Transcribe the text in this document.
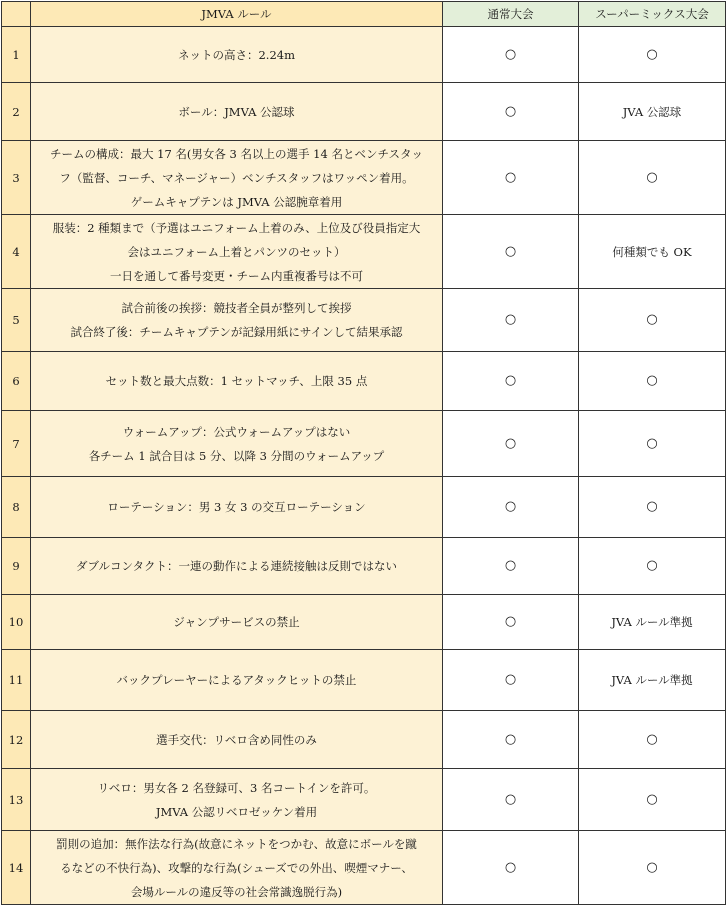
	JMVA ルール	通常大会	スーパーミックス大会
1	ネットの高さ：2.24m	○	○
2	ボール：JMVA 公認球	○	JVA 公認球
3	チームの構成：最大 17 名(男女各 3 名以上の選手 14 名とベンチスタッ
フ（監督、コーチ、マネージャー）ベンチスタッフはワッペン着用。
ゲームキャプテンは JMVA 公認腕章着用	○	○
4	服装：2 種類まで（予選はユニフォーム上着のみ、上位及び役員指定大
会はユニフォーム上着とパンツのセット）
一日を通して番号変更・チーム内重複番号は不可	○	何種類でも OK
5	試合前後の挨拶：競技者全員が整列して挨拶
試合終了後：チームキャプテンが記録用紙にサインして結果承認	○	○
6	セット数と最大点数：1 セットマッチ、上限 35 点	○	○
7	ウォームアップ：公式ウォームアップはない
各チーム 1 試合目は 5 分、以降 3 分間のウォームアップ	○	○
8	ローテーション：男 3 女 3 の交互ローテーション	○	○
9	ダブルコンタクト：一連の動作による連続接触は反則ではない	○	○
10	ジャンプサービスの禁止	○	JVA ルール準拠
11	バックプレーヤーによるアタックヒットの禁止	○	JVA ルール準拠
12	選手交代：リベロ含め同性のみ	○	○
13	リベロ：男女各 2 名登録可、3 名コートインを許可。
JMVA 公認リベロゼッケン着用	○	○
14	罰則の追加：無作法な行為(故意にネットをつかむ、故意にボールを蹴
るなどの不快行為)、攻撃的な行為(シューズでの外出、喫煙マナー、
会場ルールの違反等の社会常識逸脱行為)	○	○
